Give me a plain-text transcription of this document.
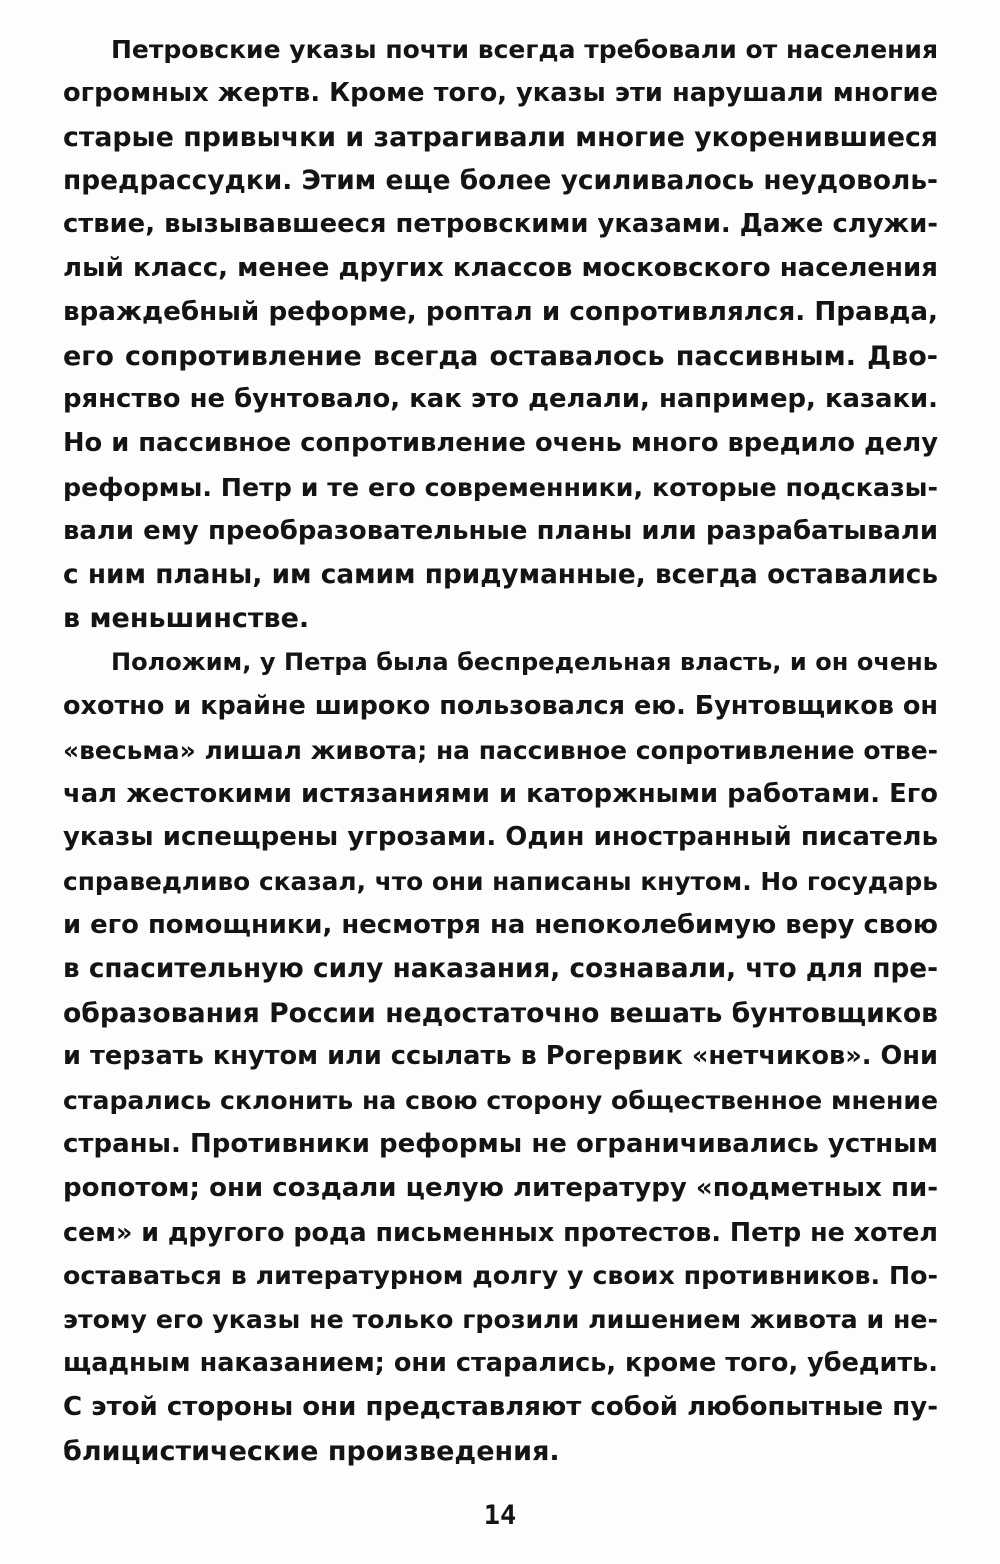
Петровские указы почти всегда требовали от населения
огромных жертв. Кроме того, указы эти нарушали многие
старые привычки и затрагивали многие укоренившиеся
предрассудки. Этим еще более усиливалось неудоволь-
ствие, вызывавшееся петровскими указами. Даже служи-
лый класс, менее других классов московского населения
враждебный реформе, роптал и сопротивлялся. Правда,
его сопротивление всегда оставалось пассивным. Дво-
рянство не бунтовало, как это делали, например, казаки.
Но и пассивное сопротивление очень много вредило делу
реформы. Петр и те его современники, которые подсказы-
вали ему преобразовательные планы или разрабатывали
с ним планы, им самим придуманные, всегда оставались
в меньшинстве.
Положим, у Петра была беспредельная власть, и он очень
охотно и крайне широко пользовался ею. Бунтовщиков он
«весьма» лишал живота; на пассивное сопротивление отве-
чал жестокими истязаниями и каторжными работами. Его
указы испещрены угрозами. Один иностранный писатель
справедливо сказал, что они написаны кнутом. Но государь
и его помощники, несмотря на непоколебимую веру свою
в спасительную силу наказания, сознавали, что для пре-
образования России недостаточно вешать бунтовщиков
и терзать кнутом или ссылать в Рогервик «нетчиков». Они
старались склонить на свою сторону общественное мнение
страны. Противники реформы не ограничивались устным
ропотом; они создали целую литературу «подметных пи-
сем» и другого рода письменных протестов. Петр не хотел
оставаться в литературном долгу у своих противников. По-
этому его указы не только грозили лишением живота и не-
щадным наказанием; они старались, кроме того, убедить.
С этой стороны они представляют собой любопытные пу-
блицистические произведения.
14
